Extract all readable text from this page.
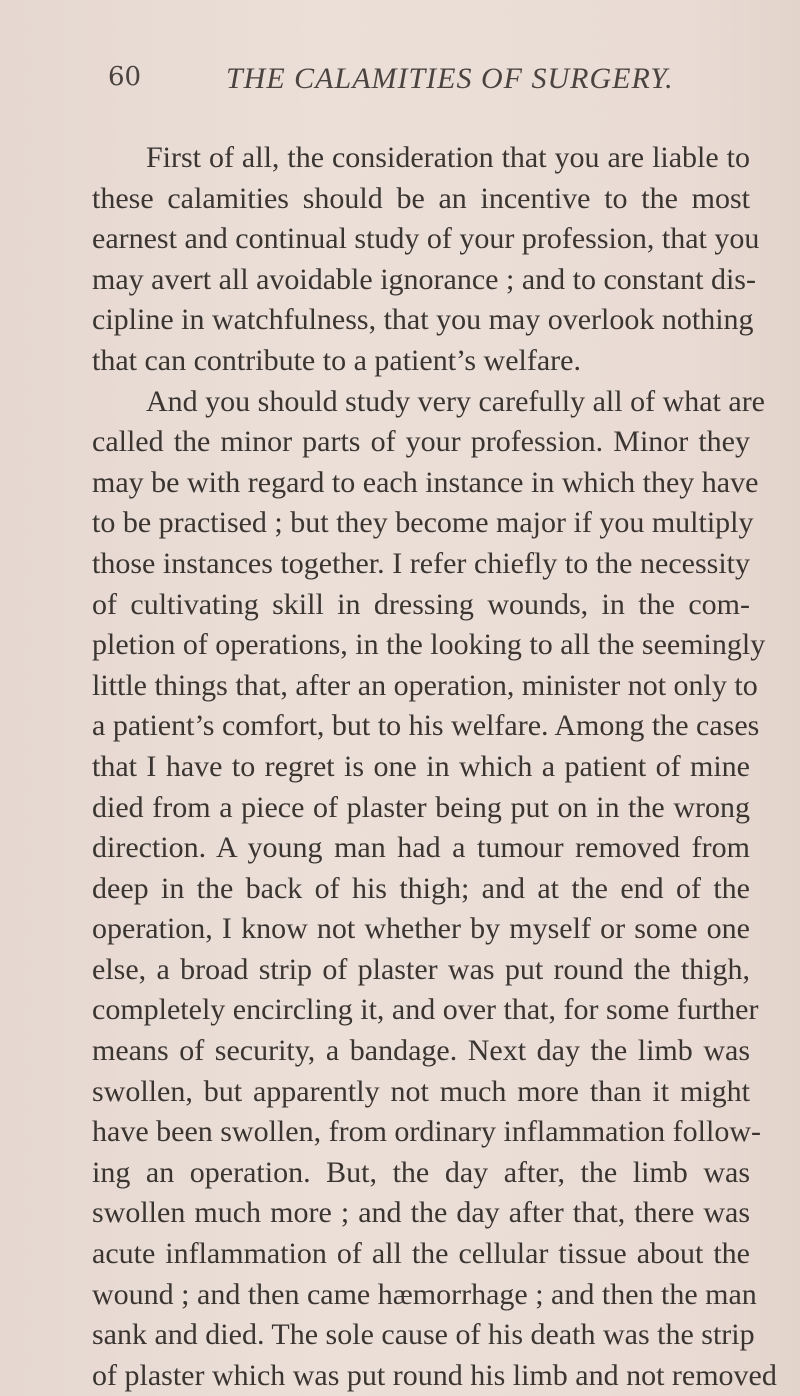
60	THE CALAMITIES OF SURGERY.
First of all, the consideration that you are liable to
these calamities should be an incentive to the most
earnest and continual study of your profession, that you
may avert all avoidable ignorance ; and to constant dis-
cipline in watchfulness, that you may overlook nothing
that can contribute to a patient’s welfare.
And you should study very carefully all of what are
called the minor parts of your profession. Minor they
may be with regard to each instance in which they have
to be practised ; but they become major if you multiply
those instances together. I refer chiefly to the necessity
of cultivating skill in dressing wounds, in the com-
pletion of operations, in the looking to all the seemingly
little things that, after an operation, minister not only to
a patient’s comfort, but to his welfare. Among the cases
that I have to regret is one in which a patient of mine
died from a piece of plaster being put on in the wrong
direction. A young man had a tumour removed from
deep in the back of his thigh; and at the end of the
operation, I know not whether by myself or some one
else, a broad strip of plaster was put round the thigh,
completely encircling it, and over that, for some further
means of security, a bandage. Next day the limb was
swollen, but apparently not much more than it might
have been swollen, from ordinary inflammation follow-
ing an operation. But, the day after, the limb was
swollen much more ; and the day after that, there was
acute inflammation of all the cellular tissue about the
wound ; and then came hæmorrhage ; and then the man
sank and died. The sole cause of his death was the strip
of plaster which was put round his limb and not removed
